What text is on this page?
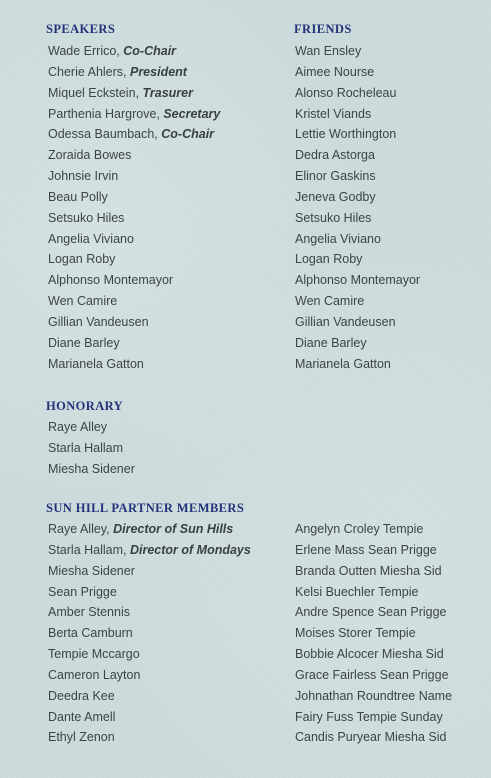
SPEAKERS
Wade Errico, Co-Chair
Cherie Ahlers, President
Miquel Eckstein, Trasurer
Parthenia Hargrove, Secretary
Odessa Baumbach, Co-Chair
Zoraida Bowes
Johnsie Irvin
Beau Polly
Setsuko Hiles
Angelia Viviano
Logan Roby
Alphonso Montemayor
Wen Camire
Gillian Vandeusen
Diane Barley
Marianela Gatton
FRIENDS
Wan Ensley
Aimee Nourse
Alonso Rocheleau
Kristel Viands
Lettie Worthington
Dedra Astorga
Elinor Gaskins
Jeneva Godby
Setsuko Hiles
Angelia Viviano
Logan Roby
Alphonso Montemayor
Wen Camire
Gillian Vandeusen
Diane Barley
Marianela Gatton
HONORARY
Raye Alley
Starla Hallam
Miesha Sidener
SUN HILL PARTNER MEMBERS
Raye Alley, Director of Sun Hills
Starla Hallam, Director of Mondays
Miesha Sidener
Sean Prigge
Amber Stennis
Berta Camburn
Tempie Mccargo
Cameron Layton
Deedra Kee
Dante Amell
Ethyl Zenon
Angelyn Croley Tempie
Erlene Mass Sean Prigge
Branda Outten Miesha Sid
Kelsi Buechler Tempie
Andre Spence Sean Prigge
Moises Storer Tempie
Bobbie Alcocer Miesha Sid
Grace Fairless Sean Prigge
Johnathan Roundtree Name
Fairy Fuss Tempie Sunday
Candis Puryear Miesha Sid
